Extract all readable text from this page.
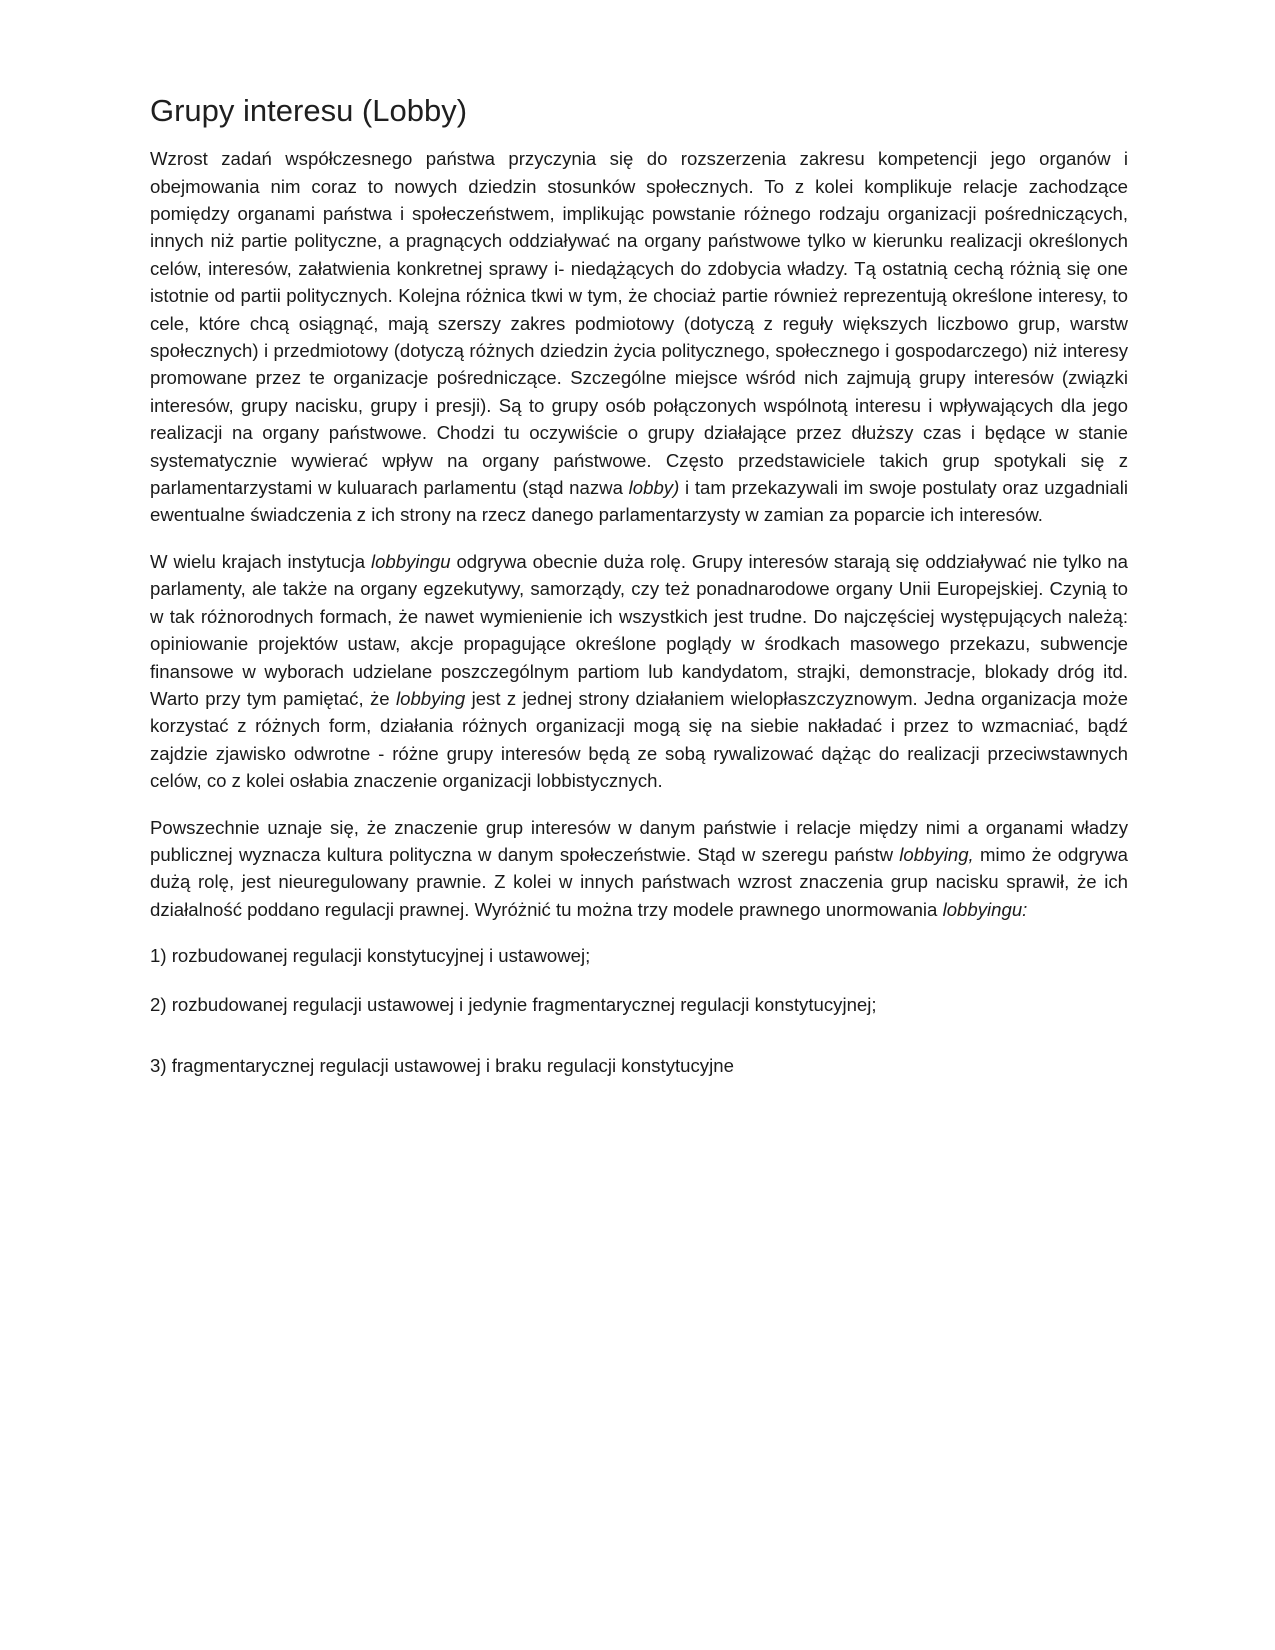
Grupy interesu (Lobby)

Wzrost zadań współczesnego państwa przyczynia się do rozszerzenia zakresu kompetencji jego organów i obejmowania nim coraz to nowych dziedzin stosunków społecznych. To z kolei komplikuje relacje zachodzące pomiędzy organami państwa i społeczeństwem, implikując powstanie różnego rodzaju organizacji pośredniczących, innych niż partie polityczne, a pragnących oddziaływać na organy państwowe tylko w kierunku realizacji określonych celów, interesów, załatwienia konkretnej sprawy i- niedążących do zdobycia władzy. Tą ostatnią cechą różnią się one istotnie od partii politycznych. Kolejna różnica tkwi w tym, że chociaż partie również reprezentują określone interesy, to cele, które chcą osiągnąć, mają szerszy zakres podmiotowy (dotyczą z reguły większych liczbowo grup, warstw społecznych) i przedmiotowy (dotyczą różnych dziedzin życia politycznego, społecznego i gospodarczego) niż interesy promowane przez te organizacje pośredniczące. Szczególne miejsce wśród nich zajmują grupy interesów (związki interesów, grupy nacisku, grupy i presji). Są to grupy osób połączonych wspólnotą interesu i wpływających dla jego realizacji na organy państwowe. Chodzi tu oczywiście o grupy działające przez dłuższy czas i będące w stanie systematycznie wywierać wpływ na organy państwowe. Często przedstawiciele takich grup spotykali się z parlamentarzystami w kuluarach parlamentu (stąd nazwa lobby) i tam przekazywali im swoje postulaty oraz uzgadniali ewentualne świadczenia z ich strony na rzecz danego parlamentarzysty w zamian za poparcie ich interesów.

W wielu krajach instytucja lobbyingu odgrywa obecnie duża rolę. Grupy interesów starają się oddziaływać nie tylko na parlamenty, ale także na organy egzekutywy, samorządy, czy też ponadnarodowe organy Unii Europejskiej. Czynią to w tak różnorodnych formach, że nawet wymienienie ich wszystkich jest trudne. Do najczęściej występujących należą: opiniowanie projektów ustaw, akcje propagujące określone poglądy w środkach masowego przekazu, subwencje finansowe w wyborach udzielane poszczególnym partiom lub kandydatom, strajki, demonstracje, blokady dróg itd. Warto przy tym pamiętać, że lobbying jest z jednej strony działaniem wielopłaszczyznowym. Jedna organizacja może korzystać z różnych form, działania różnych organizacji mogą się na siebie nakładać i przez to wzmacniać, bądź zajdzie zjawisko odwrotne - różne grupy interesów będą ze sobą rywalizować dążąc do realizacji przeciwstawnych celów, co z kolei osłabia znaczenie organizacji lobbistycznych.

Powszechnie uznaje się, że znaczenie grup interesów w danym państwie i relacje między nimi a organami władzy publicznej wyznacza kultura polityczna w danym społeczeństwie. Stąd w szeregu państw lobbying, mimo że odgrywa dużą rolę, jest nieuregulowany prawnie. Z kolei w innych państwach wzrost znaczenia grup nacisku sprawił, że ich działalność poddano regulacji prawnej. Wyróżnić tu można trzy modele prawnego unormowania lobbyingu:

1) rozbudowanej regulacji konstytucyjnej i ustawowej;

2) rozbudowanej regulacji ustawowej i jedynie fragmentarycznej regulacji konstytucyjnej;

3) fragmentarycznej regulacji ustawowej i braku regulacji konstytucyjne
